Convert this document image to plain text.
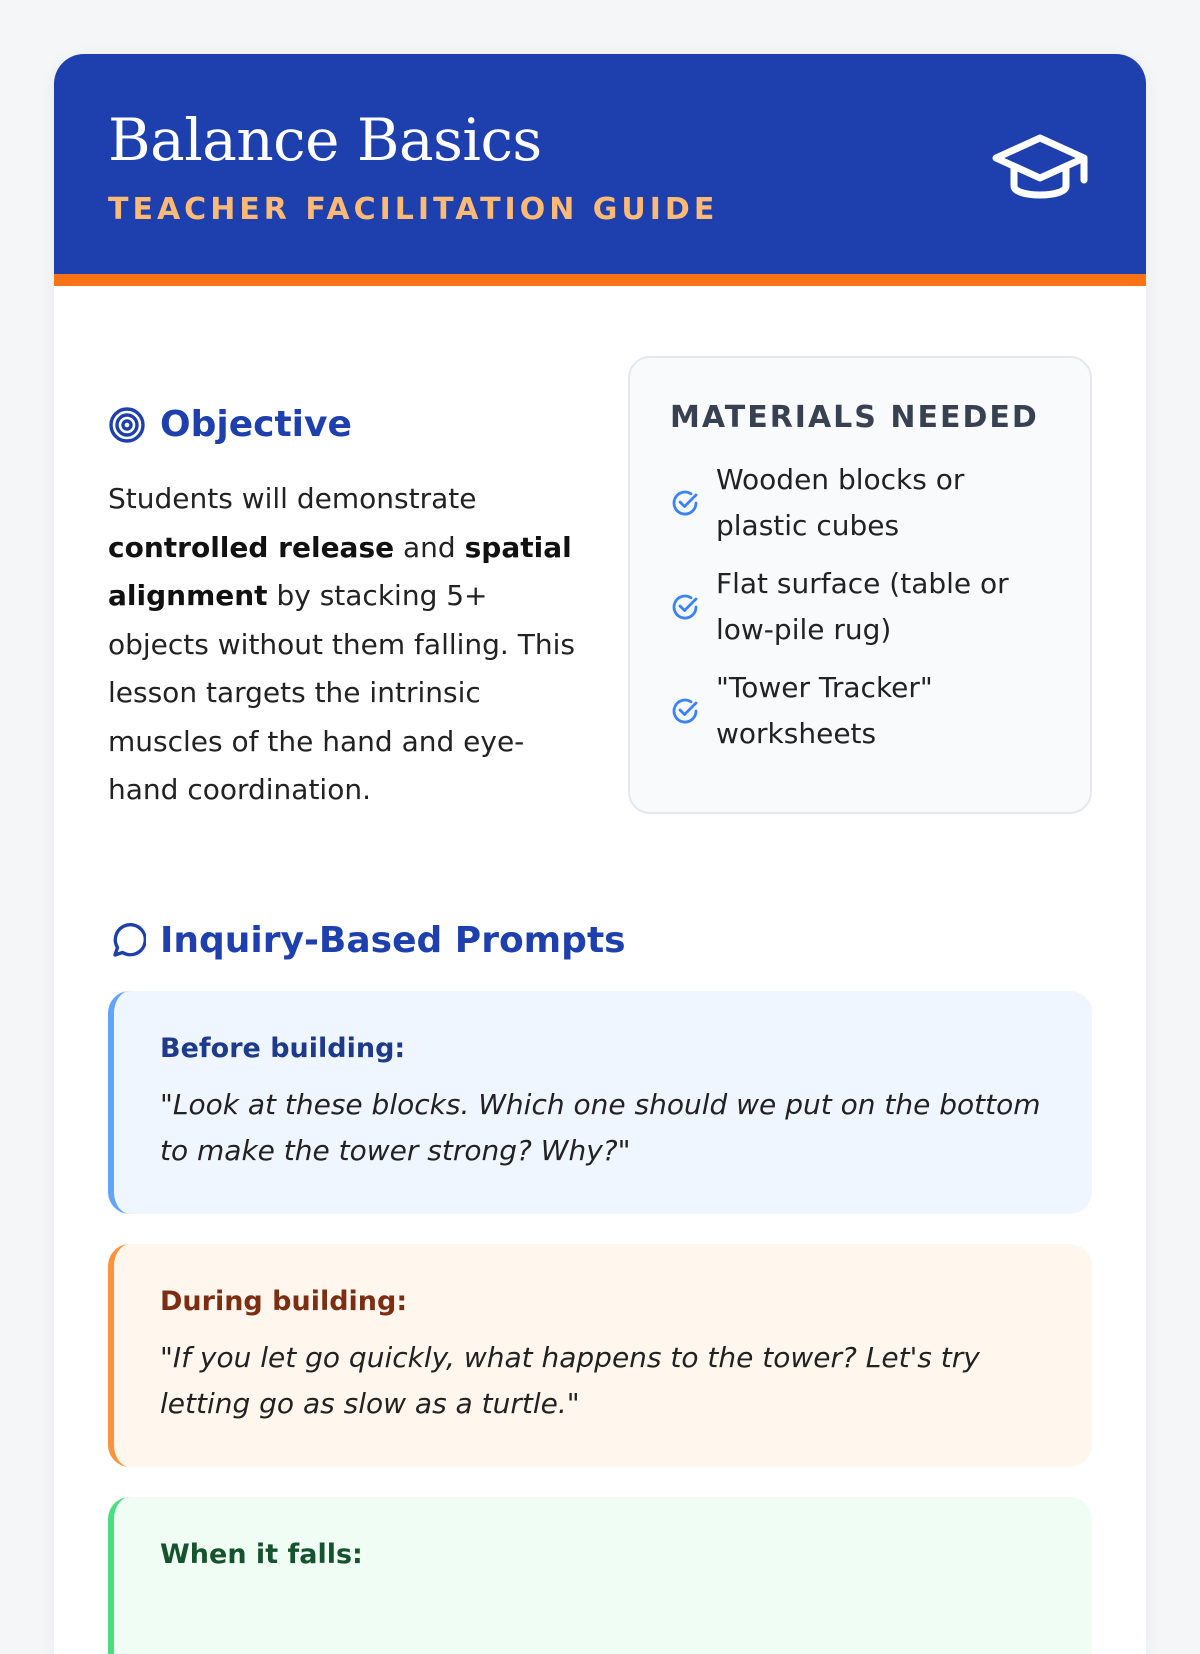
Balance Basics
TEACHER FACILITATION GUIDE
Objective

Students will demonstrate controlled release and spatial alignment by stacking 5+ objects without them falling. This lesson targets the intrinsic muscles of the hand and eye-hand coordination.

MATERIALS NEEDED
Wooden blocks or plastic cubes
Flat surface (table or low-pile rug)
"Tower Tracker" worksheets
Inquiry-Based Prompts
Before building:
"Look at these blocks. Which one should we put on the bottom to make the tower strong? Why?"
During building:
"If you let go quickly, what happens to the tower? Let's try letting go as slow as a turtle."
When it falls:
